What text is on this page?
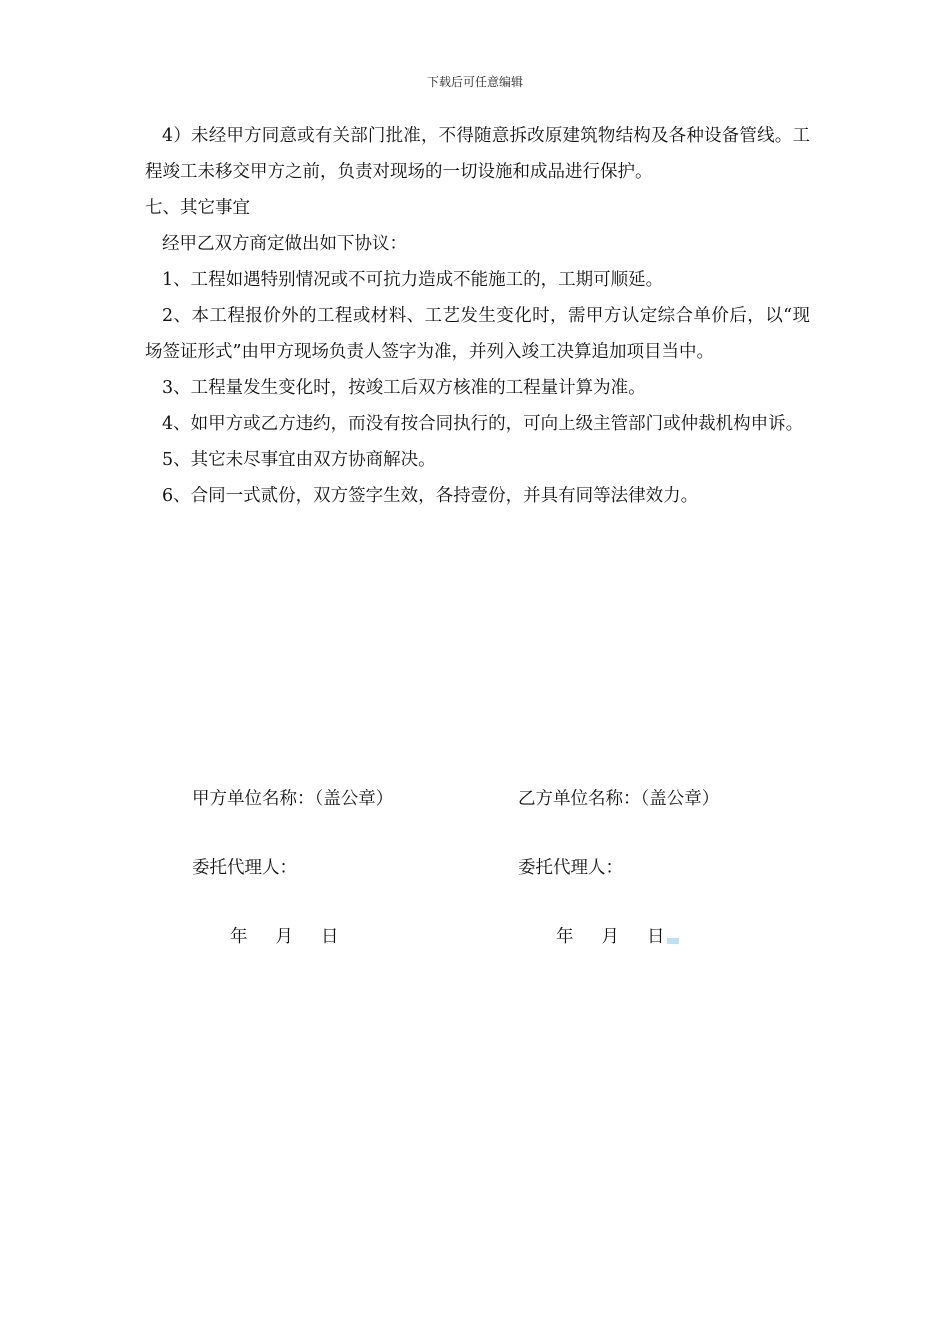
下载后可任意编辑

4）未经甲方同意或有关部门批准，不得随意拆改原建筑物结构及各种设备管线。工程竣工未移交甲方之前，负责对现场的一切设施和成品进行保护。

七、其它事宜

经甲乙双方商定做出如下协议：

1、工程如遇特别情况或不可抗力造成不能施工的，工期可顺延。

2、本工程报价外的工程或材料、工艺发生变化时，需甲方认定综合单价后，以“现场签证形式”由甲方现场负责人签字为准，并列入竣工决算追加项目当中。

3、工程量发生变化时，按竣工后双方核准的工程量计算为准。

4、如甲方或乙方违约，而没有按合同执行的，可向上级主管部门或仲裁机构申诉。

5、其它未尽事宜由双方协商解决。

6、合同一式贰份，双方签字生效，各持壹份，并具有同等法律效力。

甲方单位名称：（盖公章）
委托代理人：
年 月 日
乙方单位名称：（盖公章）
委托代理人：
年 月 日
